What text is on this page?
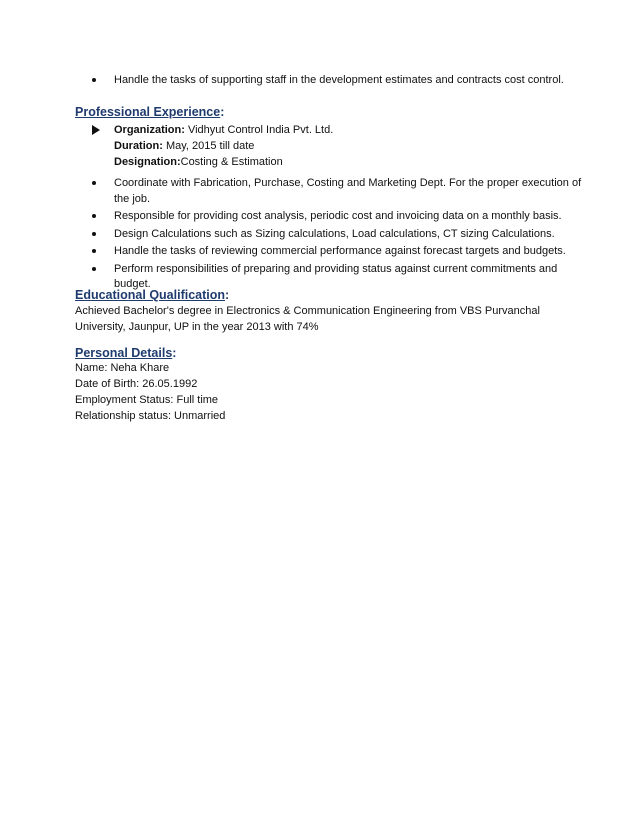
Handle the tasks of supporting staff in the development estimates and contracts cost control.
Professional Experience:
Organization: Vidhyut Control India Pvt. Ltd.
Duration: May, 2015 till date
Designation:Costing & Estimation
Coordinate with Fabrication, Purchase, Costing and Marketing Dept. For the proper execution of the job.
Responsible for providing cost analysis, periodic cost and invoicing data on a monthly basis.
Design Calculations such as Sizing calculations, Load calculations, CT sizing Calculations.
Handle the tasks of reviewing commercial performance against forecast targets and budgets.
Perform responsibilities of preparing and providing status against current commitments and budget.
Educational Qualification:
Achieved Bachelor's degree in Electronics & Communication Engineering from VBS Purvanchal
University, Jaunpur, UP in the year 2013 with 74%
Personal Details:
Name: Neha Khare
Date of Birth: 26.05.1992
Employment Status: Full time
Relationship status: Unmarried
